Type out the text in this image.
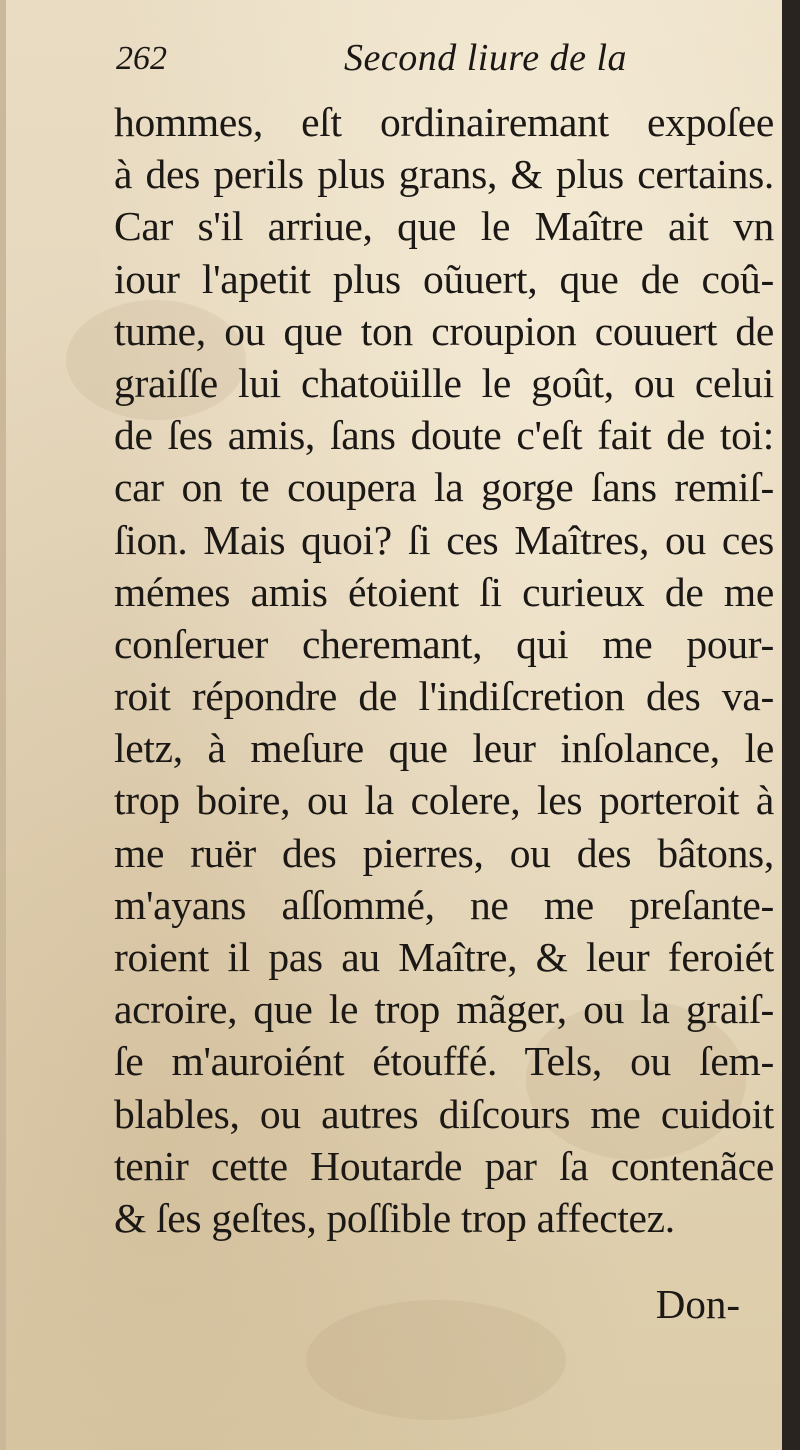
262	Second liure de la
hommes, eſt ordinairemant expoſee
à des perils plus grans, & plus certains.
Car s'il arriue, que le Maître ait vn
iour l'apetit plus oũuert, que de coû-
tume, ou que ton croupion couuert de
graiſſe lui chatoüille le goût, ou celui
de ſes amis, ſans doute c'eſt fait de toi:
car on te coupera la gorge ſans remiſ-
ſion. Mais quoi? ſi ces Maîtres, ou ces
mémes amis étoient ſi curieux de me
conſeruer cheremant, qui me pour-
roit répondre de l'indiſcretion des va-
letz, à meſure que leur inſolance, le
trop boire, ou la colere, les porteroit à
me ruër des pierres, ou des bâtons,
m'ayans aſſommé, ne me preſante-
roient il pas au Maître, & leur feroiét
acroire, que le trop mãger, ou la graiſ-
ſe m'auroiént étouffé. Tels, ou ſem-
blables, ou autres diſcours me cuidoit
tenir cette Houtarde par ſa contenãce
& ſes geſtes, poſſible trop affectez.
Don-
